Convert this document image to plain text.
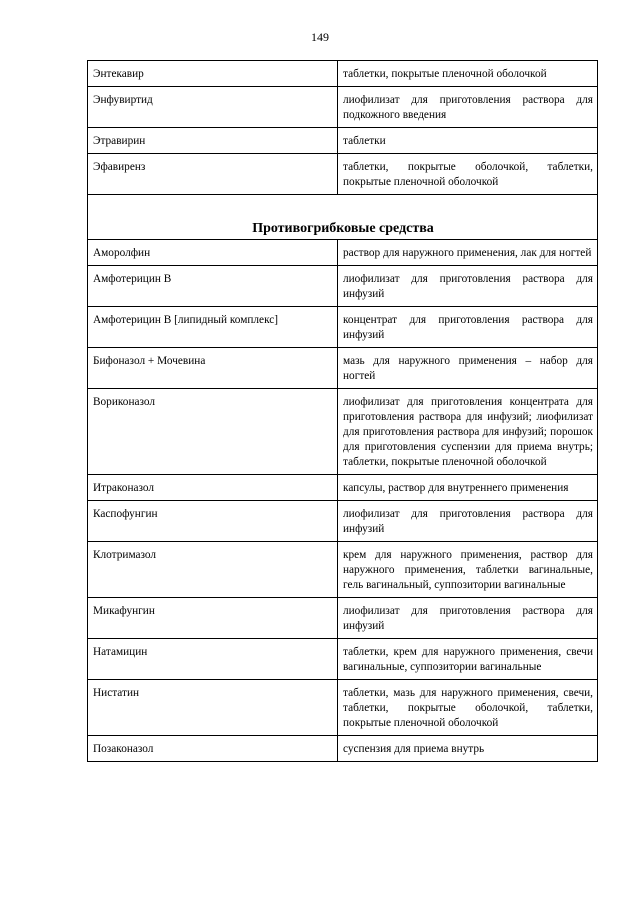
149
Энтекавир	таблетки, покрытые пленочной оболочкой
Энфувиртид	лиофилизат для приготовления раствора для подкожного введения
Этравирин	таблетки
Эфавиренз	таблетки, покрытые оболочкой, таблетки, покрытые пленочной оболочкой
Противогрибковые средства	
Аморолфин	раствор для наружного применения, лак для ногтей
Амфотерицин В	лиофилизат для приготовления раствора для инфузий
Амфотерицин В [липидный комплекс]	концентрат для приготовления раствора для инфузий
Бифоназол + Мочевина	мазь для наружного применения – набор для ногтей
Вориконазол	лиофилизат для приготовления концентрата для приготовления раствора для инфузий; лиофилизат для приготовления раствора для инфузий; порошок для приготовления суспензии для приема внутрь; таблетки, покрытые пленочной оболочкой
Итраконазол	капсулы, раствор для внутреннего применения
Каспофунгин	лиофилизат для приготовления раствора для инфузий
Клотримазол	крем для наружного применения, раствор для наружного применения, таблетки вагинальные, гель вагинальный, суппозитории вагинальные
Микафунгин	лиофилизат для приготовления раствора для инфузий
Натамицин	таблетки, крем для наружного применения, свечи вагинальные, суппозитории вагинальные
Нистатин	таблетки, мазь для наружного применения, свечи, таблетки, покрытые оболочкой, таблетки, покрытые пленочной оболочкой
Позаконазол	суспензия для приема внутрь
